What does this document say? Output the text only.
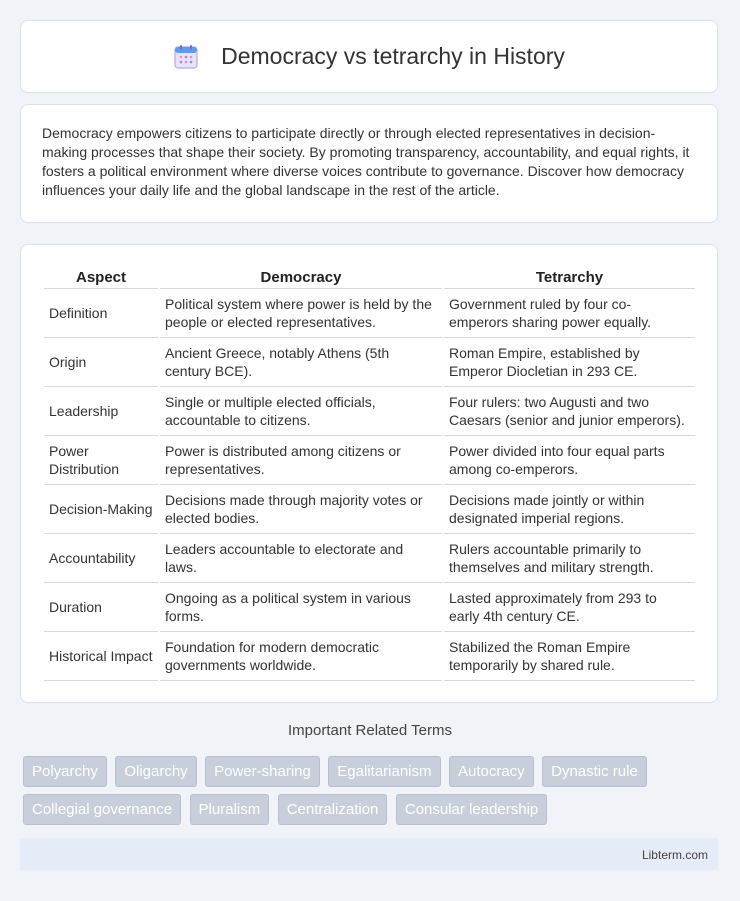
Democracy vs tetrarchy in History

Democracy empowers citizens to participate directly or through elected representatives in decision-making processes that shape their society. By promoting transparency, accountability, and equal rights, it fosters a political environment where diverse voices contribute to governance. Discover how democracy influences your daily life and the global landscape in the rest of the article.

Aspect	Democracy	Tetrarchy
Definition	Political system where power is held by the people or elected representatives.	Government ruled by four co-emperors sharing power equally.
Origin	Ancient Greece, notably Athens (5th century BCE).	Roman Empire, established by Emperor Diocletian in 293 CE.
Leadership	Single or multiple elected officials, accountable to citizens.	Four rulers: two Augusti and two Caesars (senior and junior emperors).
Power Distribution	Power is distributed among citizens or representatives.	Power divided into four equal parts among co-emperors.
Decision-Making	Decisions made through majority votes or elected bodies.	Decisions made jointly or within designated imperial regions.
Accountability	Leaders accountable to electorate and laws.	Rulers accountable primarily to themselves and military strength.
Duration	Ongoing as a political system in various forms.	Lasted approximately from 293 to early 4th century CE.
Historical Impact	Foundation for modern democratic governments worldwide.	Stabilized the Roman Empire temporarily by shared rule.
Important Related Terms
Polyarchy Oligarchy Power-sharing Egalitarianism Autocracy Dynastic rule Collegial governance Pluralism Centralization Consular leadership
Libterm.com
